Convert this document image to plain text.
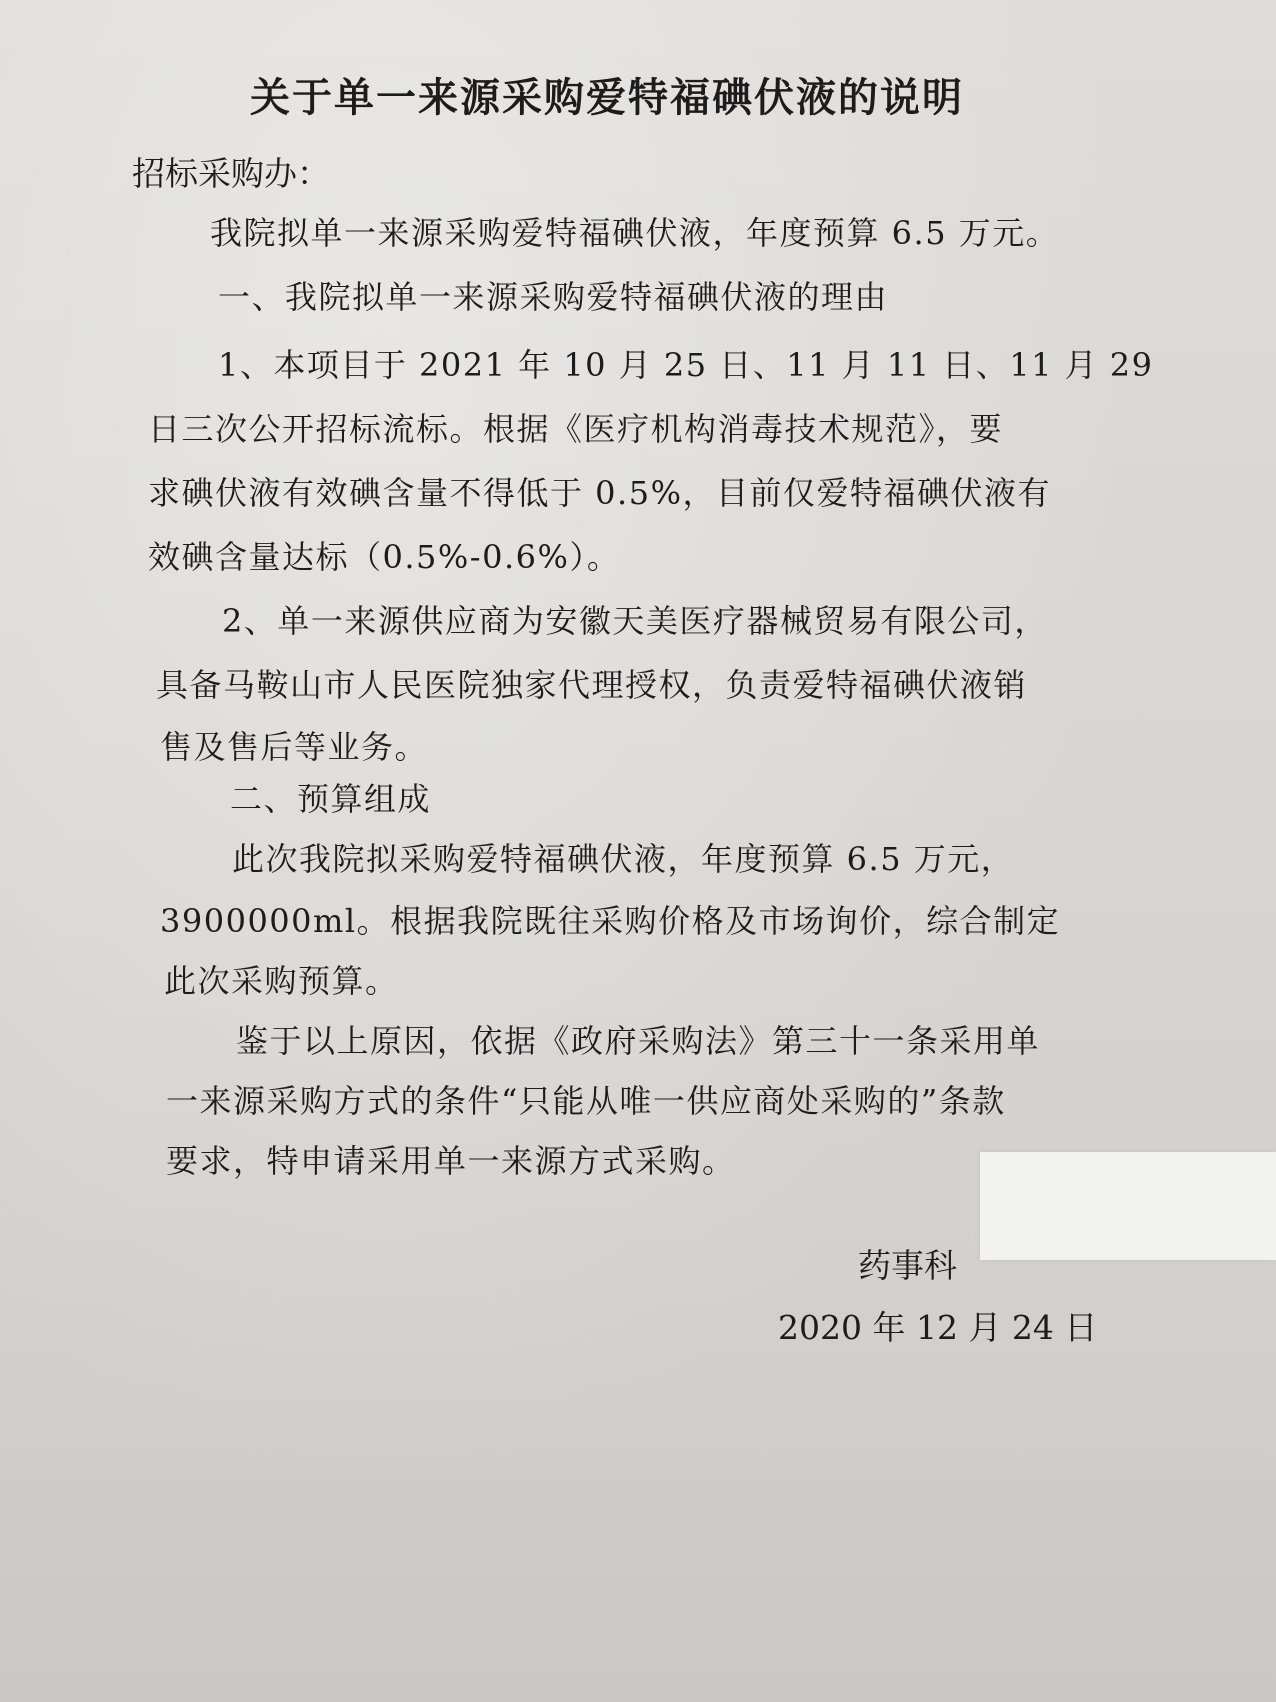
关于单一来源采购爱特福碘伏液的说明
招标采购办：
我院拟单一来源采购爱特福碘伏液，年度预算 6.5 万元。
一、我院拟单一来源采购爱特福碘伏液的理由
1、本项目于 2021 年 10 月 25 日、11 月 11 日、11 月 29
日三次公开招标流标。根据《医疗机构消毒技术规范》，要
求碘伏液有效碘含量不得低于 0.5%，目前仅爱特福碘伏液有
效碘含量达标（0.5%-0.6%）。
2、单一来源供应商为安徽天美医疗器械贸易有限公司，
具备马鞍山市人民医院独家代理授权，负责爱特福碘伏液销
售及售后等业务。
二、预算组成
此次我院拟采购爱特福碘伏液，年度预算 6.5 万元，
3900000ml。根据我院既往采购价格及市场询价，综合制定
此次采购预算。
鉴于以上原因，依据《政府采购法》第三十一条采用单
一来源采购方式的条件“只能从唯一供应商处采购的”条款
要求，特申请采用单一来源方式采购。
药事科
2020 年 12 月 24 日
